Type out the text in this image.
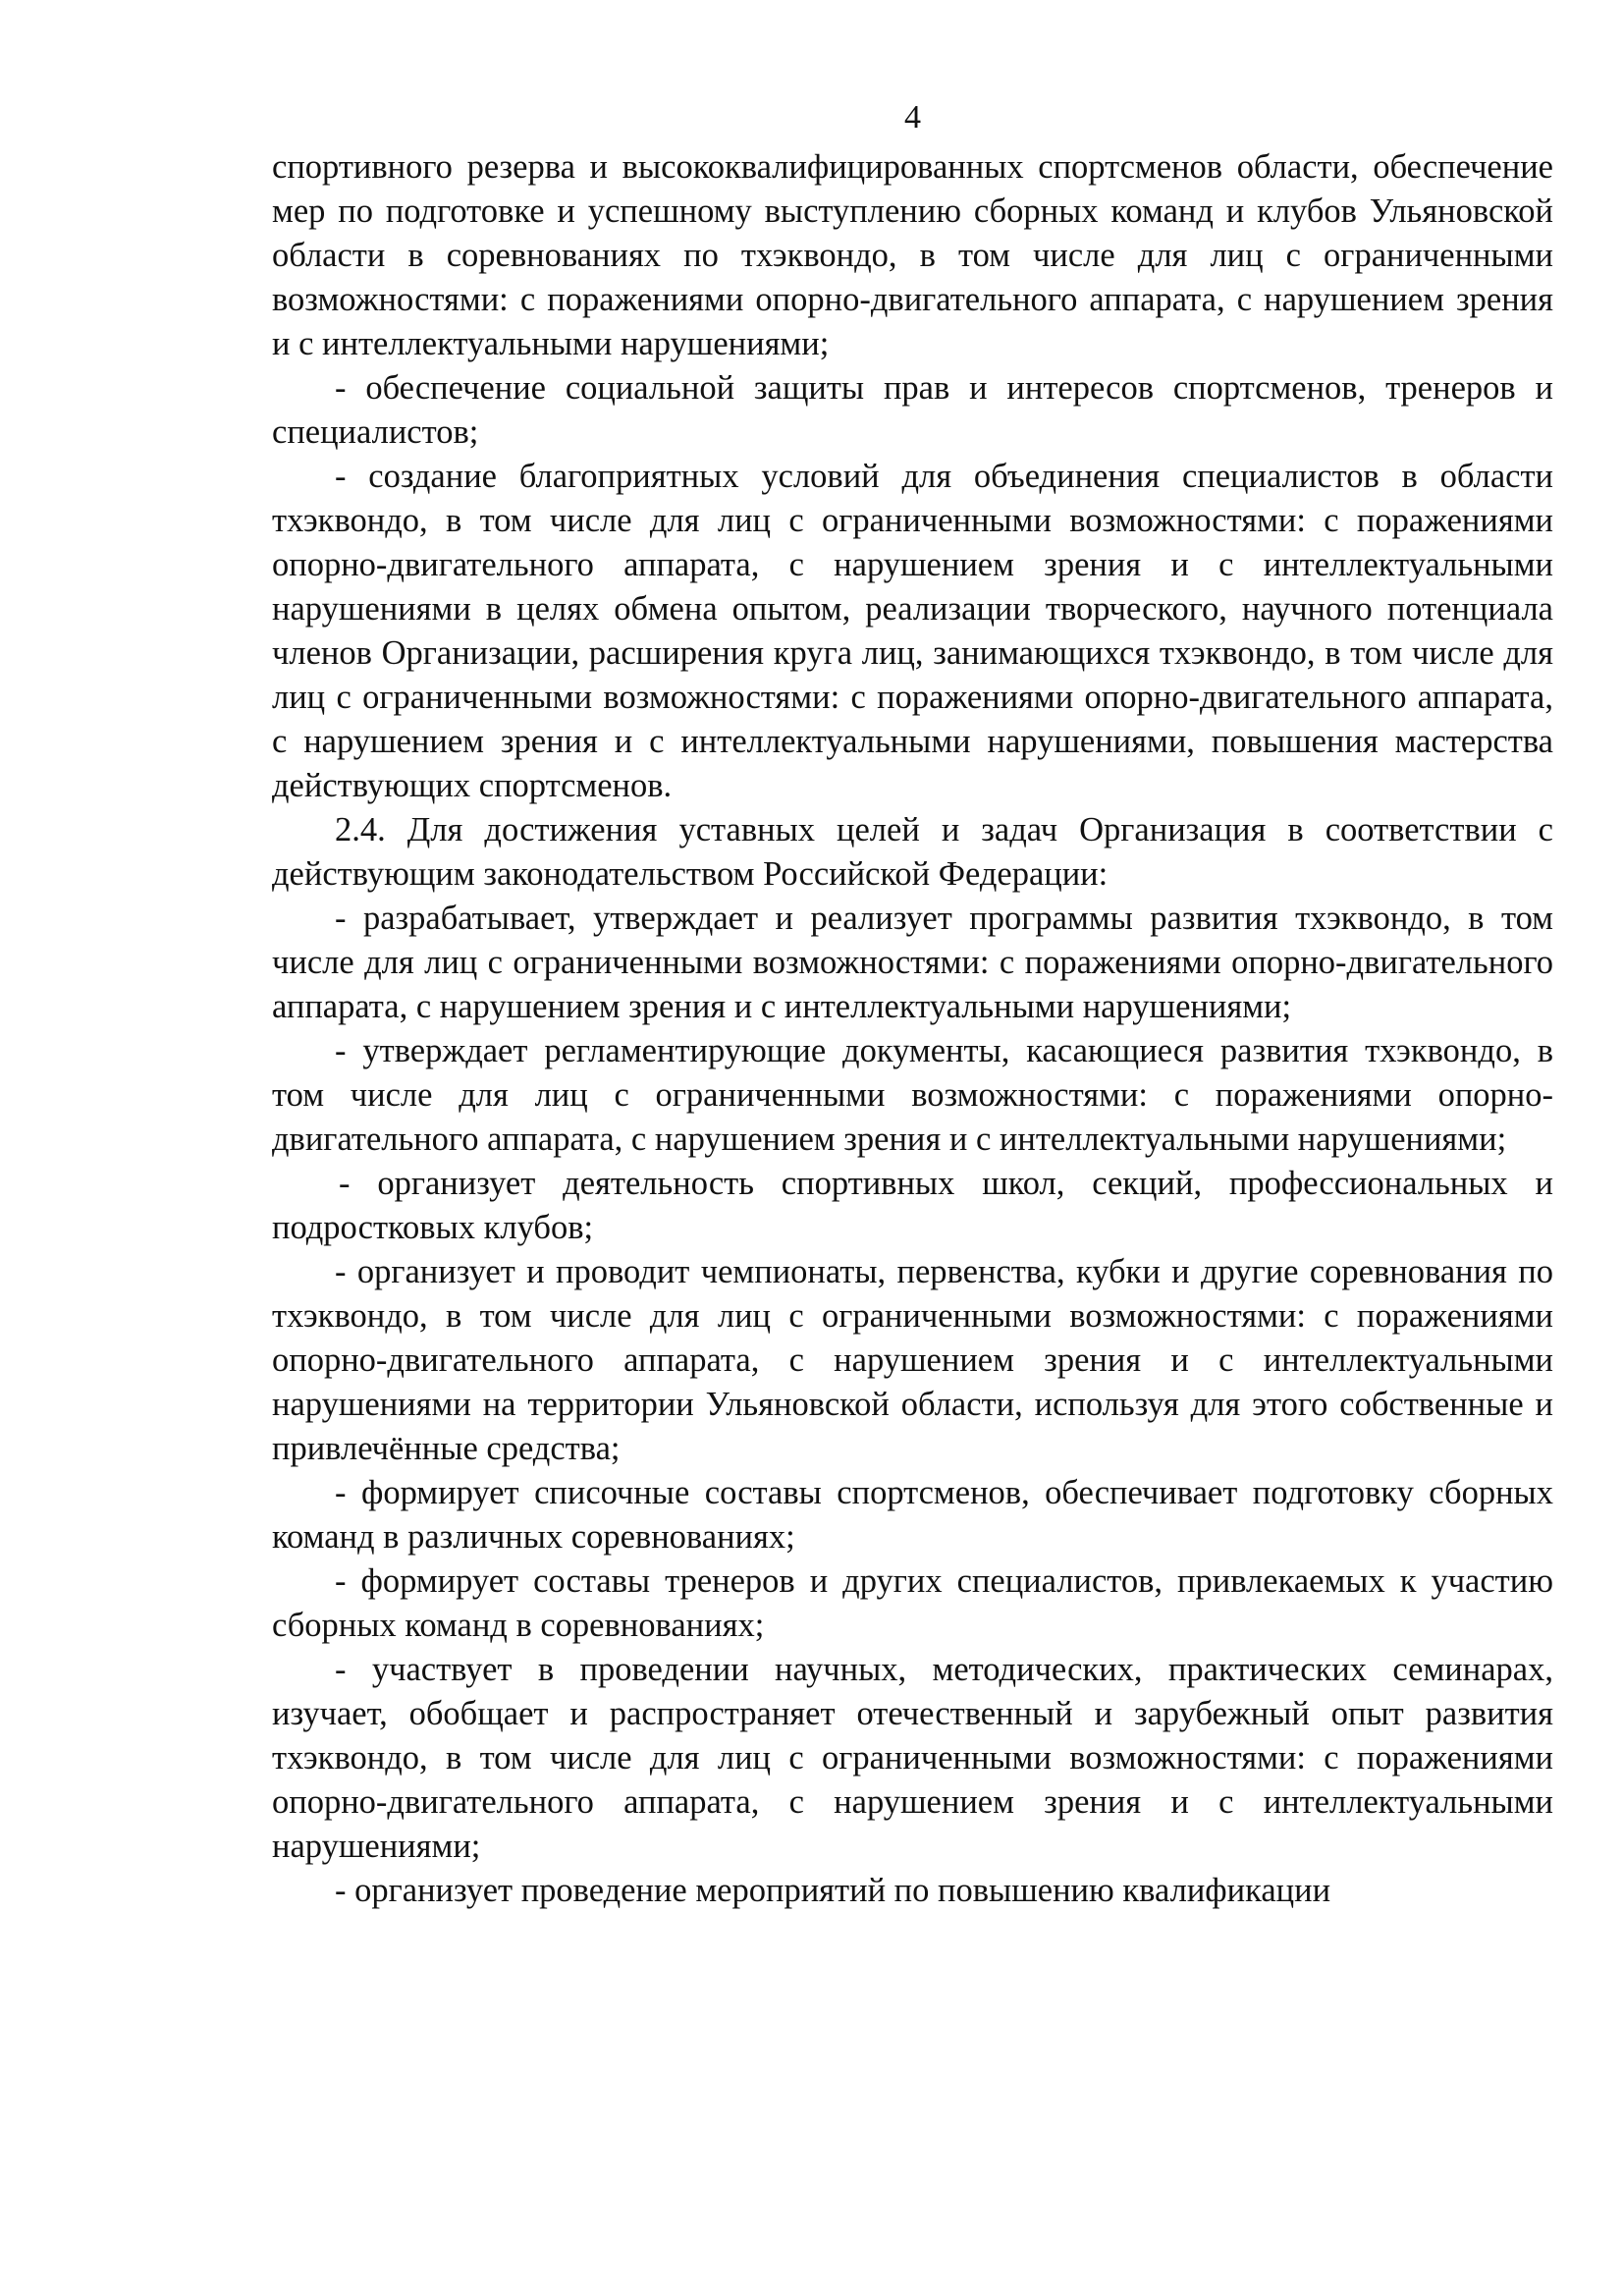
4

спортивного резерва и высококвалифицированных спортсменов области, обеспечение мер по подготовке и успешному выступлению сборных команд и клубов Ульяновской области в соревнованиях по тхэквондо, в том числе для лиц с ограниченными возможностями: с поражениями опорно-двигательного аппарата, с нарушением зрения и с интеллектуальными нарушениями;

- обеспечение социальной защиты прав и интересов спортсменов, тренеров и специалистов;

- создание благоприятных условий для объединения специалистов в области тхэквондо, в том числе для лиц с ограниченными возможностями: с поражениями опорно-двигательного аппарата, с нарушением зрения и с интеллектуальными нарушениями в целях обмена опытом, реализации творческого, научного потенциала членов Организации, расширения круга лиц, занимающихся тхэквондо, в том числе для лиц с ограниченными возможностями: с поражениями опорно-двигательного аппарата, с нарушением зрения и с интеллектуальными нарушениями, повышения мастерства действующих спортсменов.

2.4. Для достижения уставных целей и задач Организация в соответствии с действующим законодательством Российской Федерации:

- разрабатывает, утверждает и реализует программы развития тхэквондо, в том числе для лиц с ограниченными возможностями: с поражениями опорно-двигательного аппарата, с нарушением зрения и с интеллектуальными нарушениями;

- утверждает регламентирующие документы, касающиеся развития тхэквондо, в том числе для лиц с ограниченными возможностями: с поражениями опорно-двигательного аппарата, с нарушением зрения и с интеллектуальными нарушениями;

- организует деятельность спортивных школ, секций, профессиональных и подростковых клубов;

- организует и проводит чемпионаты, первенства, кубки и другие соревнования по тхэквондо, в том числе для лиц с ограниченными возможностями: с поражениями опорно-двигательного аппарата, с нарушением зрения и с интеллектуальными нарушениями на территории Ульяновской области, используя для этого собственные и привлечённые средства;

- формирует списочные составы спортсменов, обеспечивает подготовку сборных команд в различных соревнованиях;

- формирует составы тренеров и других специалистов, привлекаемых к участию сборных команд в соревнованиях;

- участвует в проведении научных, методических, практических семинарах, изучает, обобщает и распространяет отечественный и зарубежный опыт развития тхэквондо, в том числе для лиц с ограниченными возможностями: с поражениями опорно-двигательного аппарата, с нарушением зрения и с интеллектуальными нарушениями;

- организует проведение мероприятий по повышению квалификации
